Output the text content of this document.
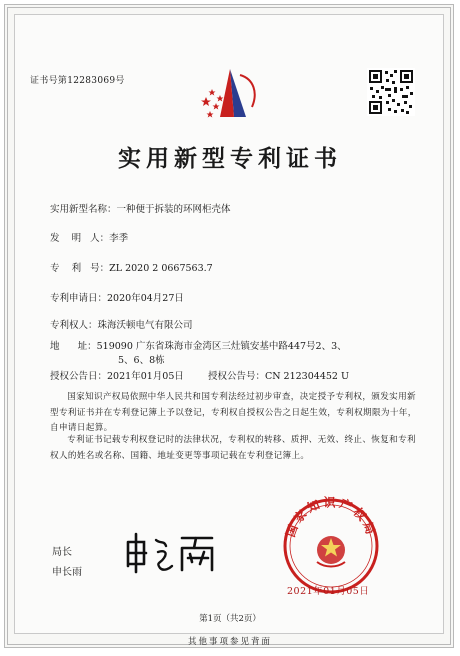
证书号第12283069号
实用新型专利证书
实用新型名称：一种便于拆装的环网柜壳体
发    明   人：李季
专    利   号：ZL 2020 2 0667563.7
专利申请日：2020年04月27日
专利权人：珠海沃顿电气有限公司
地      址：519090 广东省珠海市金湾区三灶镇安基中路447号2、3、
5、6、8栋
授权公告日：2021年01月05日	授权公告号：CN 212304452 U
国家知识产权局依照中华人民共和国专利法经过初步审查，决定授予专利权，颁发实用新型专利证书并在专利登记簿上予以登记，专利权自授权公告之日起生效，专利权期限为十年，自申请日起算。
专利证书记载专利权登记时的法律状况，专利权的转移、质押、无效、终止、恢复和专利权人的姓名或名称、国籍、地址变更等事项记载在专利登记簿上。
局长
申长雨
国家知识产权局
2021年01月05日
第1页（共2页）
其他事项参见背面
